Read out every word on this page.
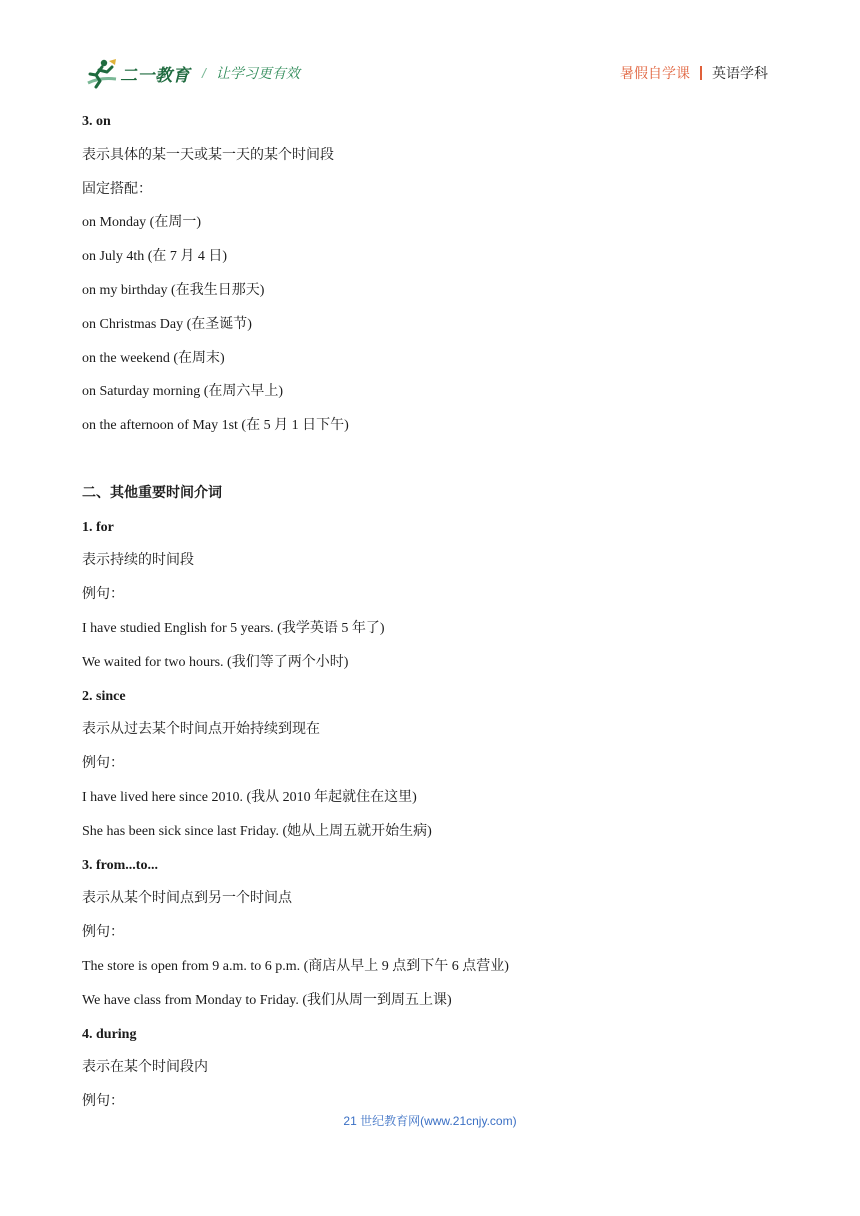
二一教育 / 让学习更有效	暑假自学课 英语学科
3. on
表示具体的某一天或某一天的某个时间段
固定搭配：
on Monday (在周一)
on July 4th (在 7 月 4 日)
on my birthday (在我生日那天)
on Christmas Day (在圣诞节)
on the weekend (在周末)
on Saturday morning (在周六早上)
on the afternoon of May 1st (在 5 月 1 日下午)
二、其他重要时间介词
1. for
表示持续的时间段
例句：
I have studied English for 5 years. (我学英语 5 年了)
We waited for two hours. (我们等了两个小时)
2. since
表示从过去某个时间点开始持续到现在
例句：
I have lived here since 2010. (我从 2010 年起就住在这里)
She has been sick since last Friday. (她从上周五就开始生病)
3. from...to...
表示从某个时间点到另一个时间点
例句：
The store is open from 9 a.m. to 6 p.m. (商店从早上 9 点到下午 6 点营业)
We have class from Monday to Friday. (我们从周一到周五上课)
4. during
表示在某个时间段内
例句：
21 世纪教育网(www.21cnjy.com)
